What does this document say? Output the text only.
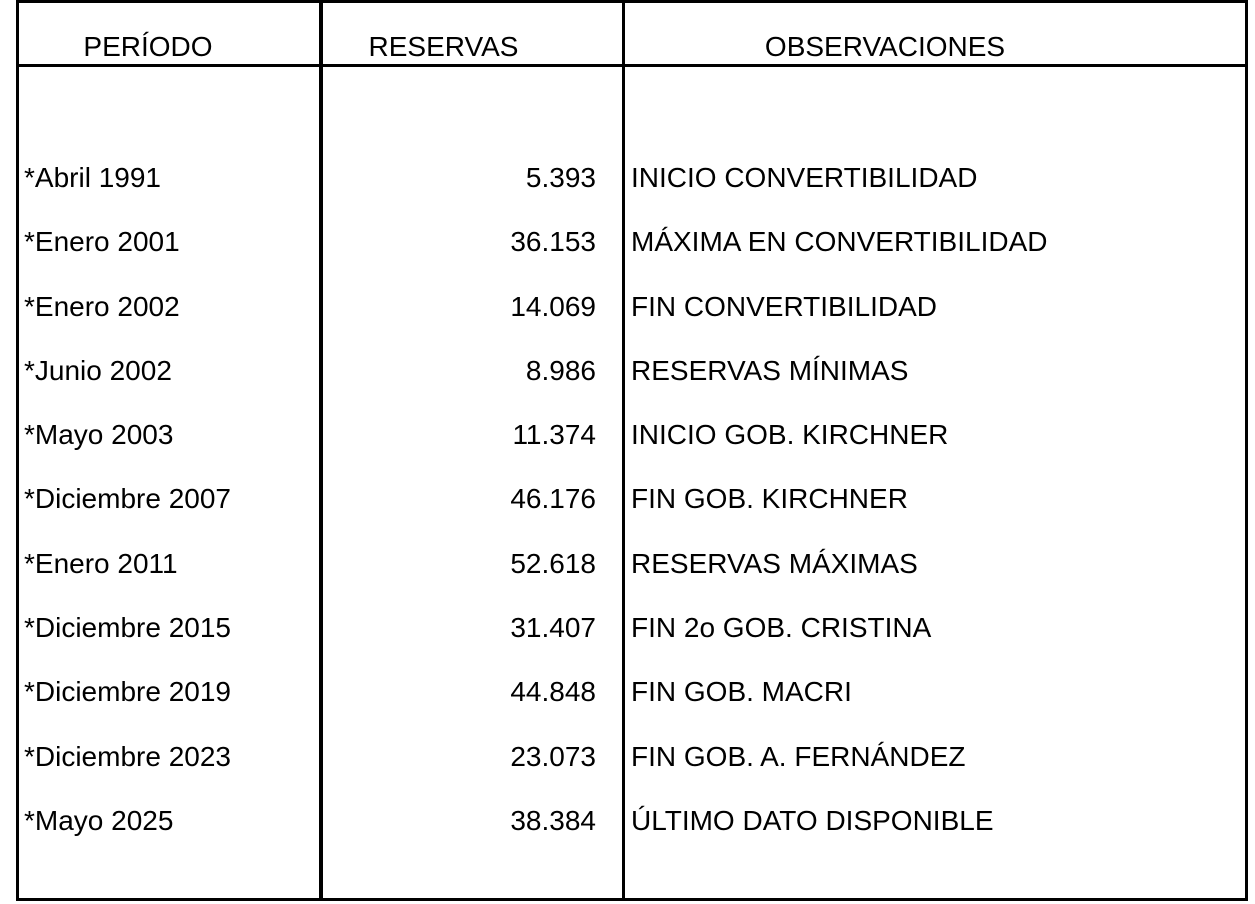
PERÍODO	RESERVAS	OBSERVACIONES
*Abril 1991	5.393 INICIO CONVERTIBILIDAD
*Enero 2001	36.153 MÁXIMA EN CONVERTIBILIDAD
*Enero 2002	14.069 FIN CONVERTIBILIDAD
*Junio 2002	8.986 RESERVAS MÍNIMAS
*Mayo 2003	11.374 INICIO GOB. KIRCHNER
*Diciembre 2007	46.176 FIN GOB. KIRCHNER
*Enero 2011	52.618 RESERVAS MÁXIMAS
*Diciembre 2015	31.407 FIN 2o GOB. CRISTINA
*Diciembre 2019	44.848 FIN GOB. MACRI
*Diciembre 2023	23.073 FIN GOB. A. FERNÁNDEZ
*Mayo 2025	38.384 ÚLTIMO DATO DISPONIBLE
